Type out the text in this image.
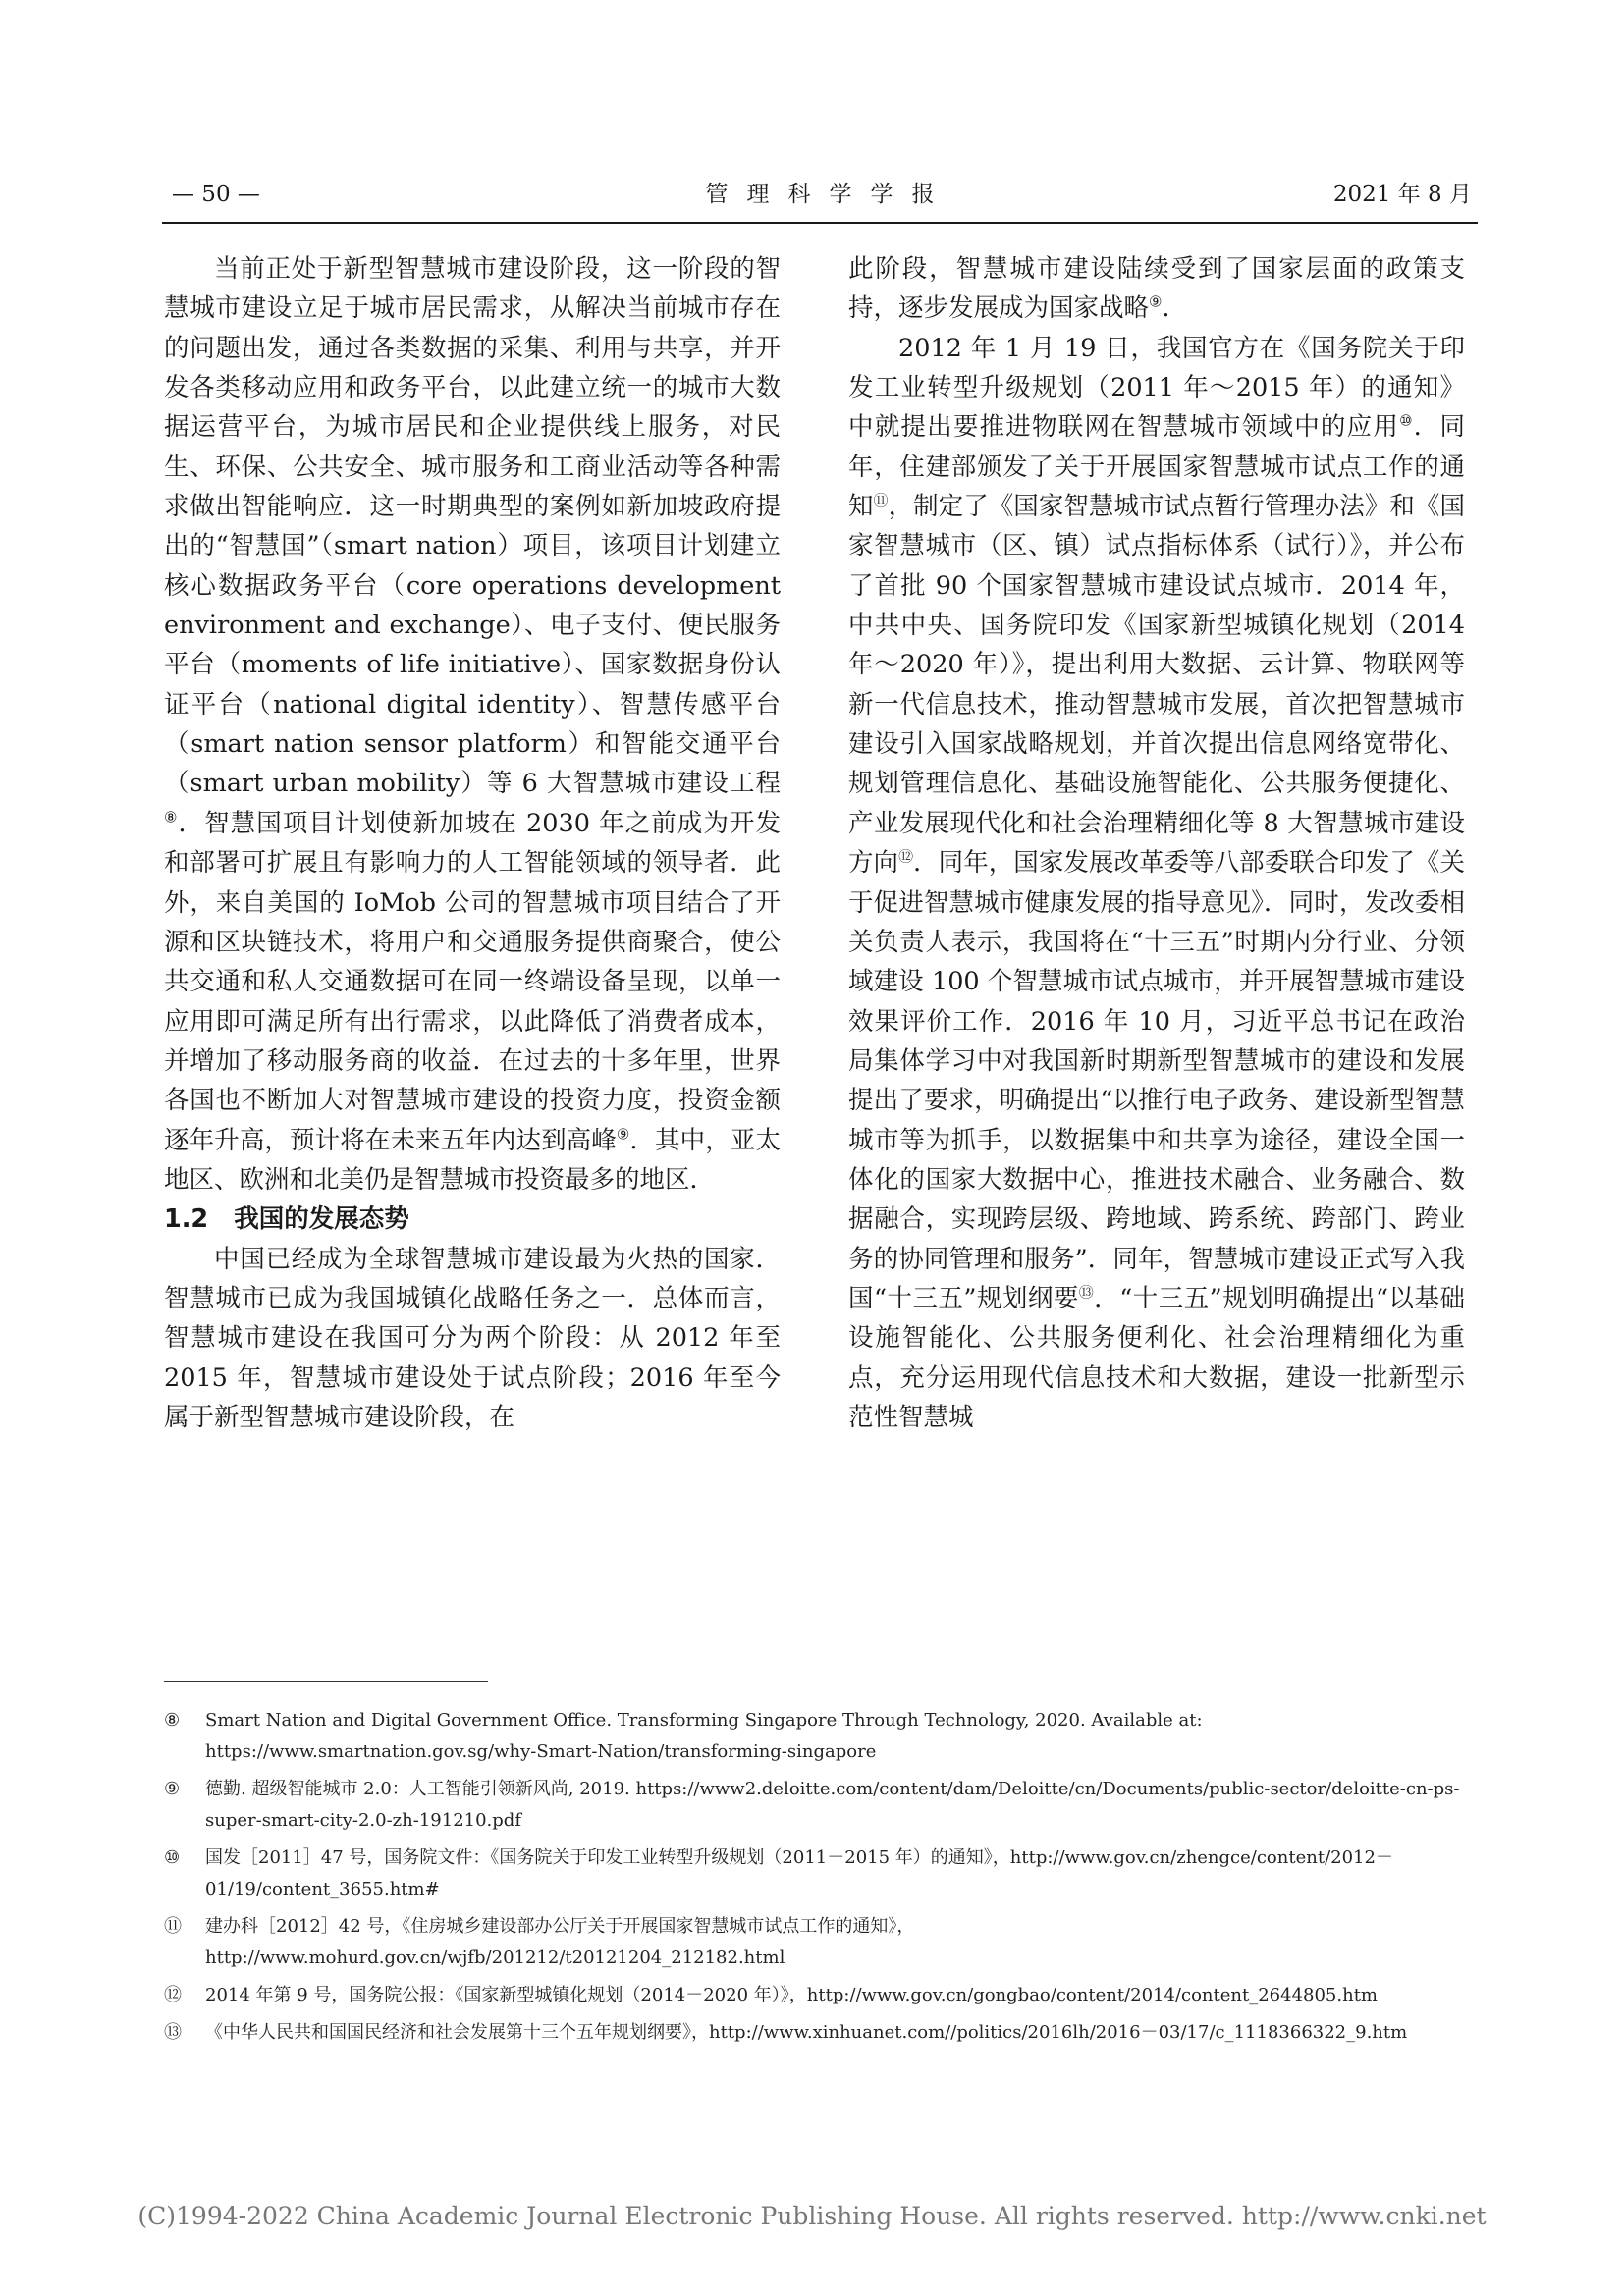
— 50 —	管理科学学报	2021 年 8 月

当前正处于新型智慧城市建设阶段，这一阶段的智慧城市建设立足于城市居民需求，从解决当前城市存在的问题出发，通过各类数据的采集、利用与共享，并开发各类移动应用和政务平台，以此建立统一的城市大数据运营平台，为城市居民和企业提供线上服务，对民生、环保、公共安全、城市服务和工商业活动等各种需求做出智能响应．这一时期典型的案例如新加坡政府提出的“智慧国”（smart nation）项目，该项目计划建立核心数据政务平台（core operations development environment and exchange）、电子支付、便民服务平台（moments of life initiative）、国家数据身份认证平台（national digital identity）、智慧传感平台（smart nation sensor platform）和智能交通平台（smart urban mobility）等 6 大智慧城市建设工程⑧．智慧国项目计划使新加坡在 2030 年之前成为开发和部署可扩展且有影响力的人工智能领域的领导者．此外，来自美国的 IoMob 公司的智慧城市项目结合了开源和区块链技术，将用户和交通服务提供商聚合，使公共交通和私人交通数据可在同一终端设备呈现，以单一应用即可满足所有出行需求，以此降低了消费者成本，并增加了移动服务商的收益．在过去的十多年里，世界各国也不断加大对智慧城市建设的投资力度，投资金额逐年升高，预计将在未来五年内达到高峰⑨．其中，亚太地区、欧洲和北美仍是智慧城市投资最多的地区．

1.2 我国的发展态势

中国已经成为全球智慧城市建设最为火热的国家．智慧城市已成为我国城镇化战略任务之一．总体而言，智慧城市建设在我国可分为两个阶段：从 2012 年至 2015 年，智慧城市建设处于试点阶段；2016 年至今属于新型智慧城市建设阶段，在

此阶段，智慧城市建设陆续受到了国家层面的政策支持，逐步发展成为国家战略⑨．

2012 年 1 月 19 日，我国官方在《国务院关于印发工业转型升级规划（2011 年～2015 年）的通知》中就提出要推进物联网在智慧城市领域中的应用⑩．同年，住建部颁发了关于开展国家智慧城市试点工作的通知⑪，制定了《国家智慧城市试点暂行管理办法》和《国家智慧城市（区、镇）试点指标体系（试行）》，并公布了首批 90 个国家智慧城市建设试点城市．2014 年，中共中央、国务院印发《国家新型城镇化规划（2014 年～2020 年）》，提出利用大数据、云计算、物联网等新一代信息技术，推动智慧城市发展，首次把智慧城市建设引入国家战略规划，并首次提出信息网络宽带化、规划管理信息化、基础设施智能化、公共服务便捷化、产业发展现代化和社会治理精细化等 8 大智慧城市建设方向⑫．同年，国家发展改革委等八部委联合印发了《关于促进智慧城市健康发展的指导意见》．同时，发改委相关负责人表示，我国将在“十三五”时期内分行业、分领域建设 100 个智慧城市试点城市，并开展智慧城市建设效果评价工作．2016 年 10 月，习近平总书记在政治局集体学习中对我国新时期新型智慧城市的建设和发展提出了要求，明确提出“以推行电子政务、建设新型智慧城市等为抓手，以数据集中和共享为途径，建设全国一体化的国家大数据中心，推进技术融合、业务融合、数据融合，实现跨层级、跨地域、跨系统、跨部门、跨业务的协同管理和服务”．同年，智慧城市建设正式写入我国“十三五”规划纲要⑬．“十三五”规划明确提出“以基础设施智能化、公共服务便利化、社会治理精细化为重点，充分运用现代信息技术和大数据，建设一批新型示范性智慧城

⑧ Smart Nation and Digital Government Office. Transforming Singapore Through Technology, 2020. Available at: https://www.smartnation.gov.sg/why-Smart-Nation/transforming-singapore
⑨ 德勤. 超级智能城市 2.0：人工智能引领新风尚, 2019. https://www2.deloitte.com/content/dam/Deloitte/cn/Documents/public-sector/deloitte-cn-ps-super-smart-city-2.0-zh-191210.pdf
⑩ 国发［2011］47 号，国务院文件：《国务院关于印发工业转型升级规划（2011－2015 年）的通知》，http://www.gov.cn/zhengce/content/2012－01/19/content_3655.htm#
⑪ 建办科［2012］42 号，《住房城乡建设部办公厅关于开展国家智慧城市试点工作的通知》，http://www.mohurd.gov.cn/wjfb/201212/t20121204_212182.html
⑫ 2014 年第 9 号，国务院公报：《国家新型城镇化规划（2014－2020 年）》，http://www.gov.cn/gongbao/content/2014/content_2644805.htm
⑬ 《中华人民共和国国民经济和社会发展第十三个五年规划纲要》，http://www.xinhuanet.com//politics/2016lh/2016－03/17/c_1118366322_9.htm
(C)1994-2022 China Academic Journal Electronic Publishing House. All rights reserved. http://www.cnki.net
